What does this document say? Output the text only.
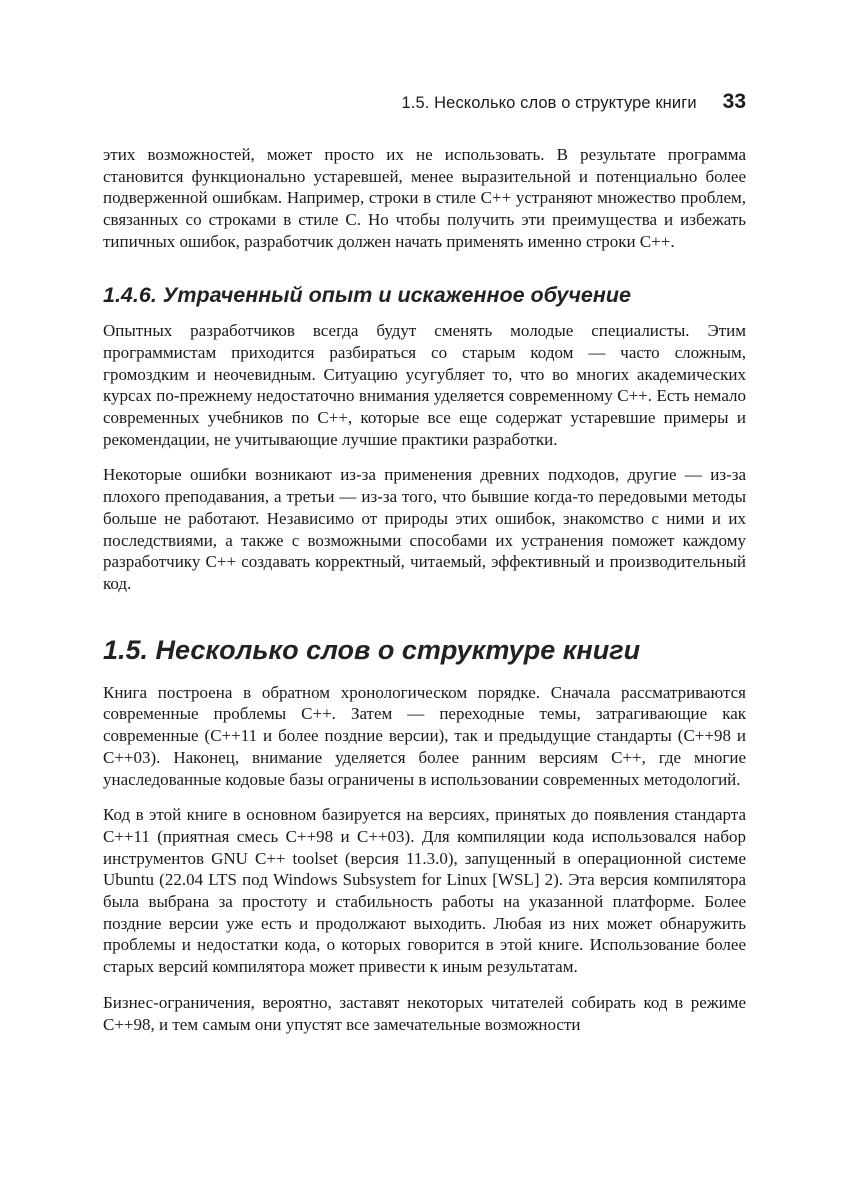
1.5. Несколько слов о структуре книги 33

этих возможностей, может просто их не использовать. В результате программа становится функционально устаревшей, менее выразительной и потенциально более подверженной ошибкам. Например, строки в стиле C++ устраняют множество проблем, связанных со строками в стиле C. Но чтобы получить эти преимущества и избежать типичных ошибок, разработчик должен начать применять именно строки C++.

1.4.6. Утраченный опыт и искаженное обучение

Опытных разработчиков всегда будут сменять молодые специалисты. Этим программистам приходится разбираться со старым кодом — часто сложным, громоздким и неочевидным. Ситуацию усугубляет то, что во многих академических курсах по-прежнему недостаточно внимания уделяется современному C++. Есть немало современных учебников по C++, которые все еще содержат устаревшие примеры и рекомендации, не учитывающие лучшие практики разработки.

Некоторые ошибки возникают из-за применения древних подходов, другие — из-за плохого преподавания, а третьи — из-за того, что бывшие когда-то передовыми методы больше не работают. Независимо от природы этих ошибок, знакомство с ними и их последствиями, а также с возможными способами их устранения поможет каждому разработчику C++ создавать корректный, читаемый, эффективный и производительный код.

1.5. Несколько слов о структуре книги

Книга построена в обратном хронологическом порядке. Сначала рассматриваются современные проблемы C++. Затем — переходные темы, затрагивающие как современные (C++11 и более поздние версии), так и предыдущие стандарты (C++98 и C++03). Наконец, внимание уделяется более ранним версиям C++, где многие унаследованные кодовые базы ограничены в использовании современных методологий.

Код в этой книге в основном базируется на версиях, принятых до появления стандарта C++11 (приятная смесь C++98 и C++03). Для компиляции кода использовался набор инструментов GNU C++ toolset (версия 11.3.0), запущенный в операционной системе Ubuntu (22.04 LTS под Windows Subsystem for Linux [WSL] 2). Эта версия компилятора была выбрана за простоту и стабильность работы на указанной платформе. Более поздние версии уже есть и продолжают выходить. Любая из них может обнаружить проблемы и недостатки кода, о которых говорится в этой книге. Использование более старых версий компилятора может привести к иным результатам.

Бизнес-ограничения, вероятно, заставят некоторых читателей собирать код в режиме C++98, и тем самым они упустят все замечательные возможности
